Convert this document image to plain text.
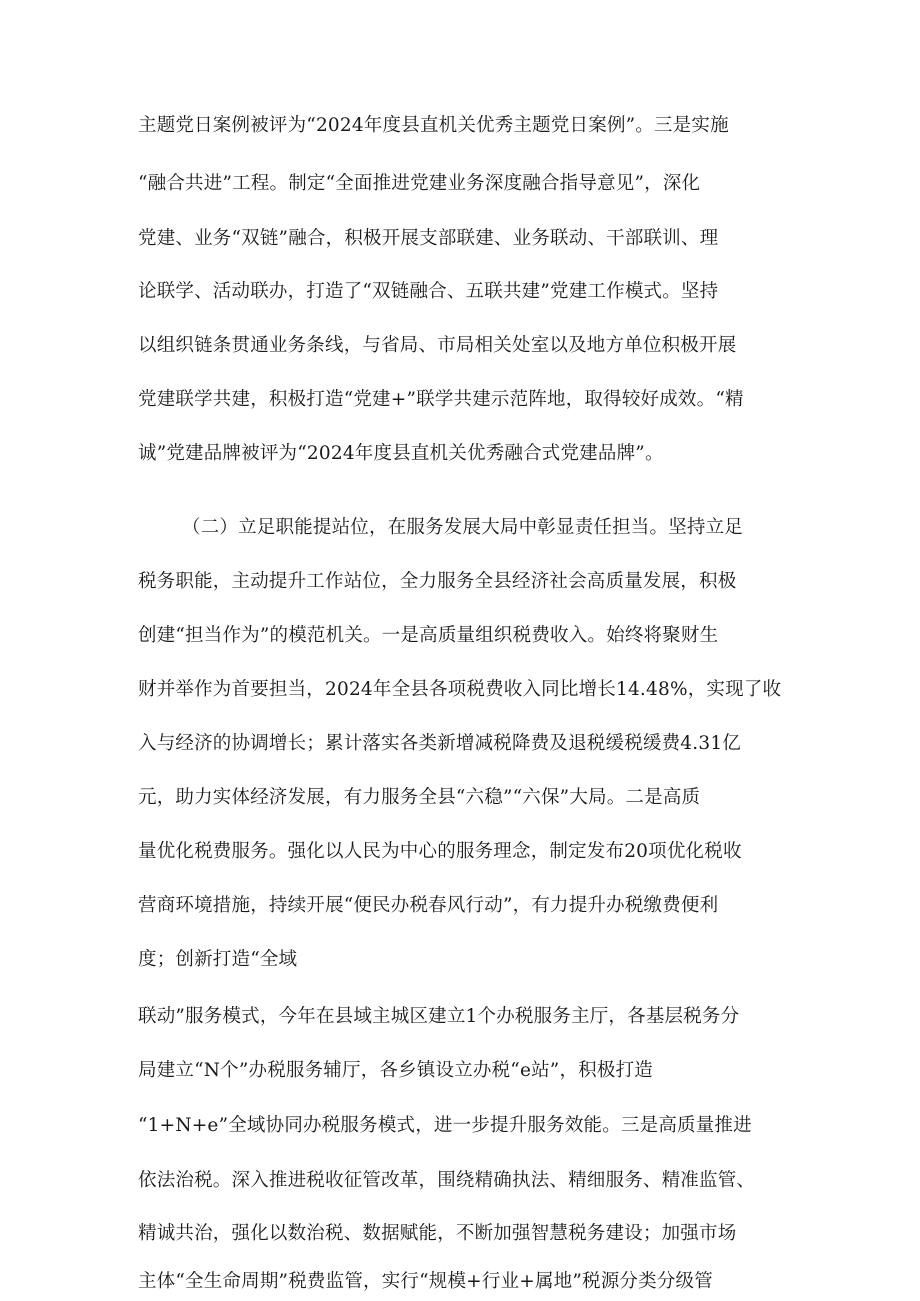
主题党日案例被评为“2024年度县直机关优秀主题党日案例”。三是实施
“融合共进”工程。制定“全面推进党建业务深度融合指导意见”，深化
党建、业务“双链”融合，积极开展支部联建、业务联动、干部联训、理
论联学、活动联办，打造了“双链融合、五联共建”党建工作模式。坚持
以组织链条贯通业务条线，与省局、市局相关处室以及地方单位积极开展
党建联学共建，积极打造“党建+”联学共建示范阵地，取得较好成效。“精
诚”党建品牌被评为“2024年度县直机关优秀融合式党建品牌”。
（二）立足职能提站位，在服务发展大局中彰显责任担当。坚持立足
税务职能，主动提升工作站位，全力服务全县经济社会高质量发展，积极
创建“担当作为”的模范机关。一是高质量组织税费收入。始终将聚财生
财并举作为首要担当，2024年全县各项税费收入同比增长14.48%，实现了收
入与经济的协调增长；累计落实各类新增减税降费及退税缓税缓费4.31亿
元，助力实体经济发展，有力服务全县“六稳”“六保”大局。二是高质
量优化税费服务。强化以人民为中心的服务理念，制定发布20项优化税收
营商环境措施，持续开展“便民办税春风行动”，有力提升办税缴费便利
度；创新打造“全域
联动”服务模式，今年在县域主城区建立1个办税服务主厅，各基层税务分
局建立“N个”办税服务辅厅，各乡镇设立办税“e站”，积极打造
“1+N+e”全域协同办税服务模式，进一步提升服务效能。三是高质量推进
依法治税。深入推进税收征管改革，围绕精确执法、精细服务、精准监管、
精诚共治，强化以数治税、数据赋能，不断加强智慧税务建设；加强市场
主体“全生命周期”税费监管，实行“规模+行业+属地”税源分类分级管
